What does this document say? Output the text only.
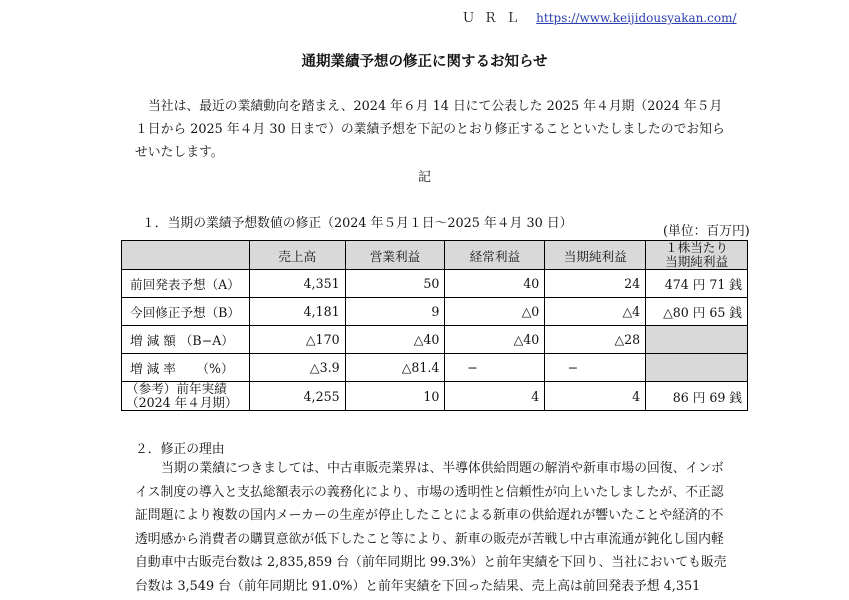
ＵＲＬ https://www.keijidousyakan.com/
通期業績予想の修正に関するお知らせ
当社は、最近の業績動向を踏まえ、2024 年６月 14 日にて公表した 2025 年４月期（2024 年５月１日から 2025 年４月 30 日まで）の業績予想を下記のとおり修正することといたしましたのでお知らせいたします。
記
１．当期の業績予想数値の修正（2024 年５月１日～2025 年４月 30 日）
(単位：百万円)
	売上高	営業利益	経常利益	当期純利益	１株当たり
当期純利益
前回発表予想（A）	4,351	50	40	24	474 円 71 銭
今回修正予想（B）	4,181	9	△0	△4	△80 円 65 銭
増 減 額 （B−A）	△170	△40	△40	△28	
増 減 率 　 （%）	△3.9	△81.4	−	−	
（参考）前年実績
（2024 年４月期）	4,255	10	4	4	86 円 69 銭
２．修正の理由
当期の業績につきましては、中古車販売業界は、半導体供給問題の解消や新車市場の回復、インボイス制度の導入と支払総額表示の義務化により、市場の透明性と信頼性が向上いたしましたが、不正認証問題により複数の国内メーカーの生産が停止したことによる新車の供給遅れが響いたことや経済的不透明感から消費者の購買意欲が低下したこと等により、新車の販売が苦戦し中古車流通が鈍化し国内軽自動車中古販売台数は 2,835,859 台（前年同期比 99.3%）と前年実績を下回り、当社においても販売台数は 3,549 台（前年同期比 91.0%）と前年実績を下回った結果、売上高は前回発表予想 4,351
